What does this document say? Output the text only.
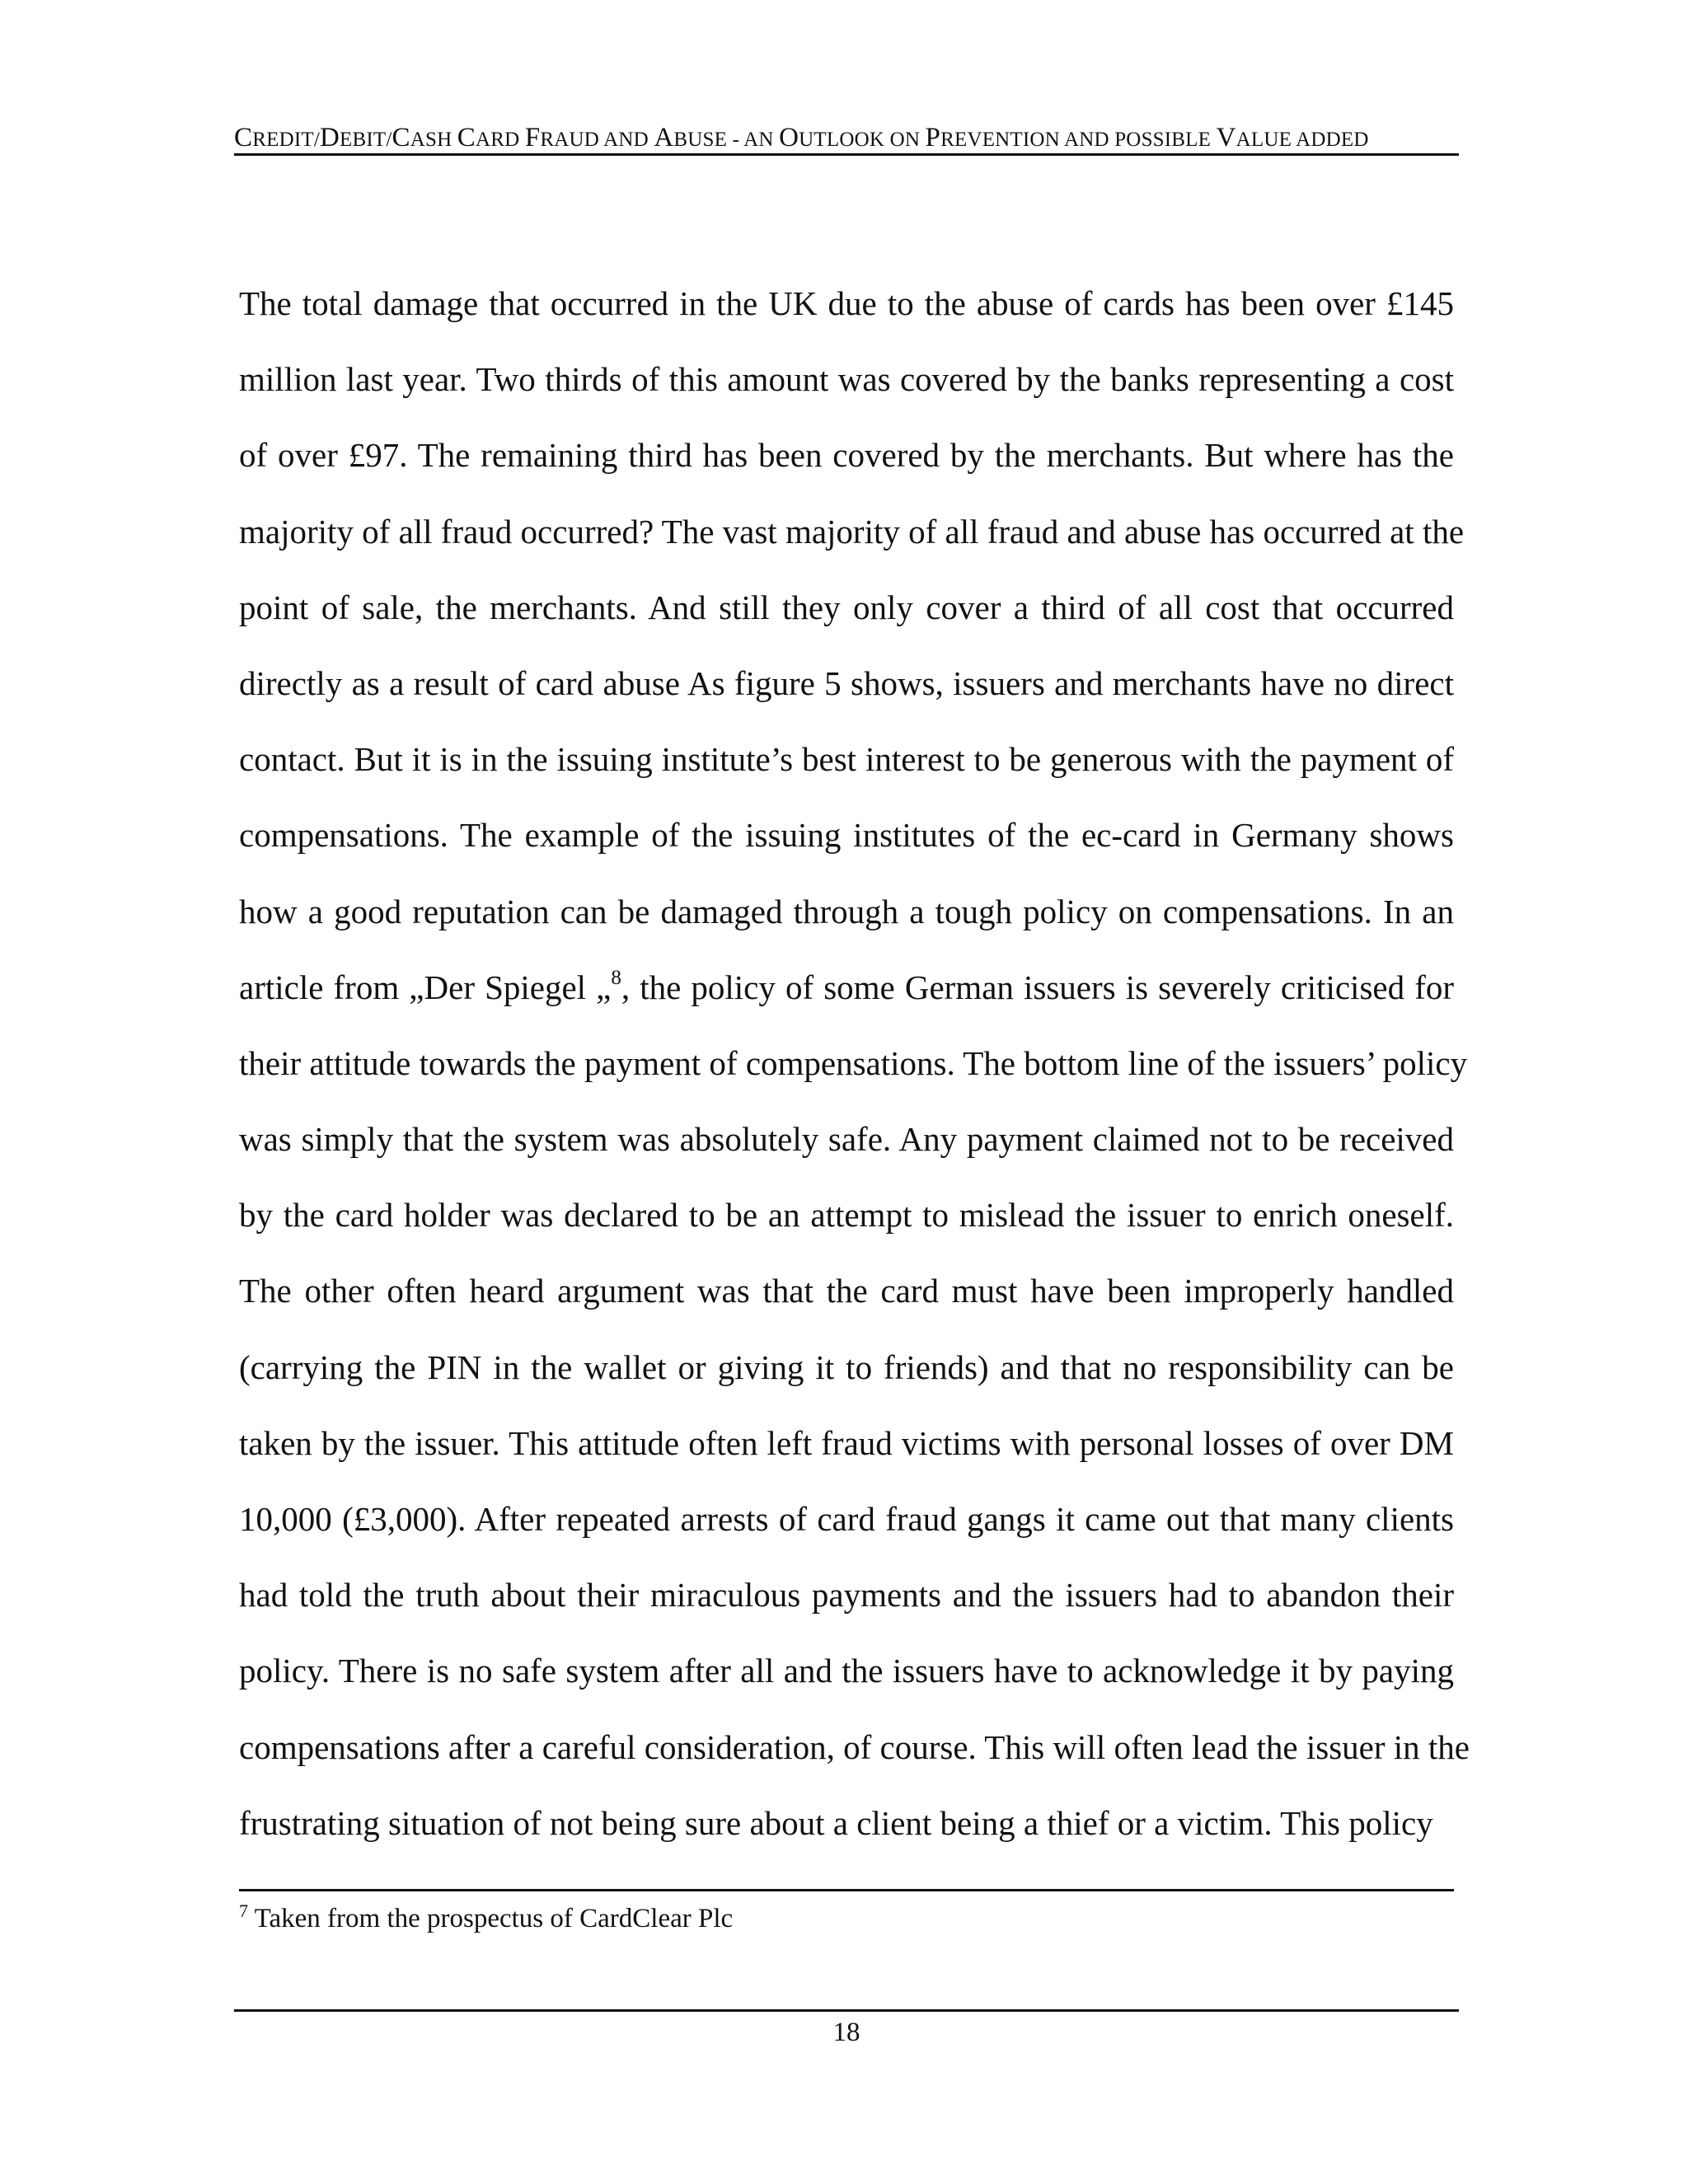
CREDIT/DEBIT/CASH CARD FRAUD AND ABUSE - AN OUTLOOK ON PREVENTION AND POSSIBLE VALUE ADDED
The total damage that occurred in the UK due to the abuse of cards has been over £145
million last year. Two thirds of this amount was covered by the banks representing a cost
of over £97. The remaining third has been covered by the merchants. But where has the
majority of all fraud occurred? The vast majority of all fraud and abuse has occurred at the
point of sale, the merchants. And still they only cover a third of all cost that occurred
directly as a result of card abuse As figure 5 shows, issuers and merchants have no direct
contact. But it is in the issuing institute’s best interest to be generous with the payment of
compensations. The example of the issuing institutes of the ec-card in Germany shows
how a good reputation can be damaged through a tough policy on compensations. In an
article from „Der Spiegel „$^8$, the policy of some German issuers is severely criticised for
their attitude towards the payment of compensations. The bottom line of the issuers’ policy
was simply that the system was absolutely safe. Any payment claimed not to be received
by the card holder was declared to be an attempt to mislead the issuer to enrich oneself.
The other often heard argument was that the card must have been improperly handled
(carrying the PIN in the wallet or giving it to friends) and that no responsibility can be
taken by the issuer. This attitude often left fraud victims with personal losses of over DM
10,000 (£3,000). After repeated arrests of card fraud gangs it came out that many clients
had told the truth about their miraculous payments and the issuers had to abandon their
policy. There is no safe system after all and the issuers have to acknowledge it by paying
compensations after a careful consideration, of course. This will often lead the issuer in the
frustrating situation of not being sure about a client being a thief or a victim. This policy
$^7$ Taken from the prospectus of CardClear Plc
18
